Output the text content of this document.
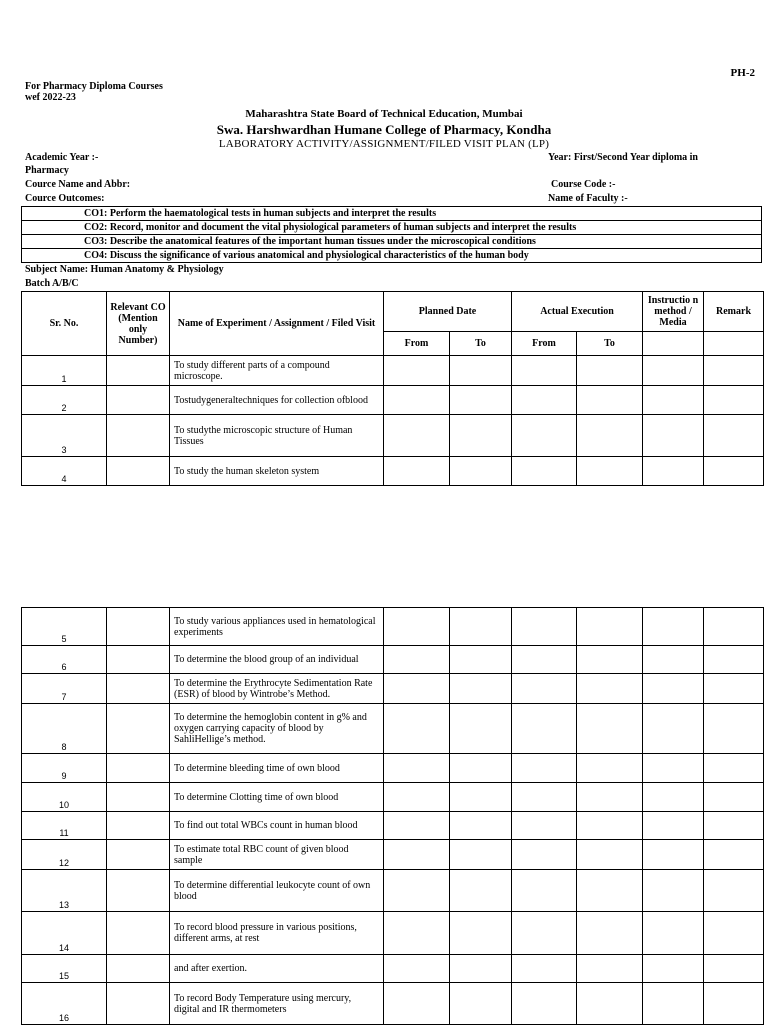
PH-2
For Pharmacy Diploma Courses
wef 2022-23
Maharashtra State Board of Technical Education, Mumbai
Swa. Harshwardhan Humane College of Pharmacy, Kondha
LABORATORY ACTIVITY/ASSIGNMENT/FILED VISIT PLAN (LP)
Academic Year :-	Year: First/Second Year diploma in
Pharmacy
Cource Name and Abbr:	Course Code :-
Cource Outcomes:	Name of Faculty :-
CO1: Perform the haematological tests in human subjects and interpret the results
CO2: Record, monitor and document the vital physiological parameters of human subjects and interpret the results
CO3: Describe the anatomical features of the important human tissues under the microscopical conditions
CO4: Discuss the significance of various anatomical and physiological characteristics of the human body
Subject Name: Human Anatomy & Physiology
Batch A/B/C
Sr. No.	Relevant CO (Mention only Number)	Name of Experiment / Assignment / Filed Visit	Planned Date		Actual Execution		Instructio n method / Media	Remark
			From	To	From	To		
1		To study different parts of a compound microscope.						
2		Tostudygeneraltechniques for collection ofblood						
3		To studythe microscopic structure of Human Tissues						
4		To study the human skeleton system						
5		To study various appliances used in hematological experiments						
6		To determine the blood group of an individual						
7		To determine the Erythrocyte Sedimentation Rate (ESR) of blood by Wintrobe’s Method.						
8		To determine the hemoglobin content in g% and oxygen carrying capacity of blood by SahliHellige’s method.						
9		To determine bleeding time of own blood						
10		To determine Clotting time of own blood						
11		To find out total WBCs count in human blood						
12		To estimate total RBC count of given blood sample						
13		To determine differential leukocyte count of own blood						
14		To record blood pressure in various positions, different arms, at rest						
15		and after exertion.						
16		To record Body Temperature using mercury, digital and IR thermometers						
